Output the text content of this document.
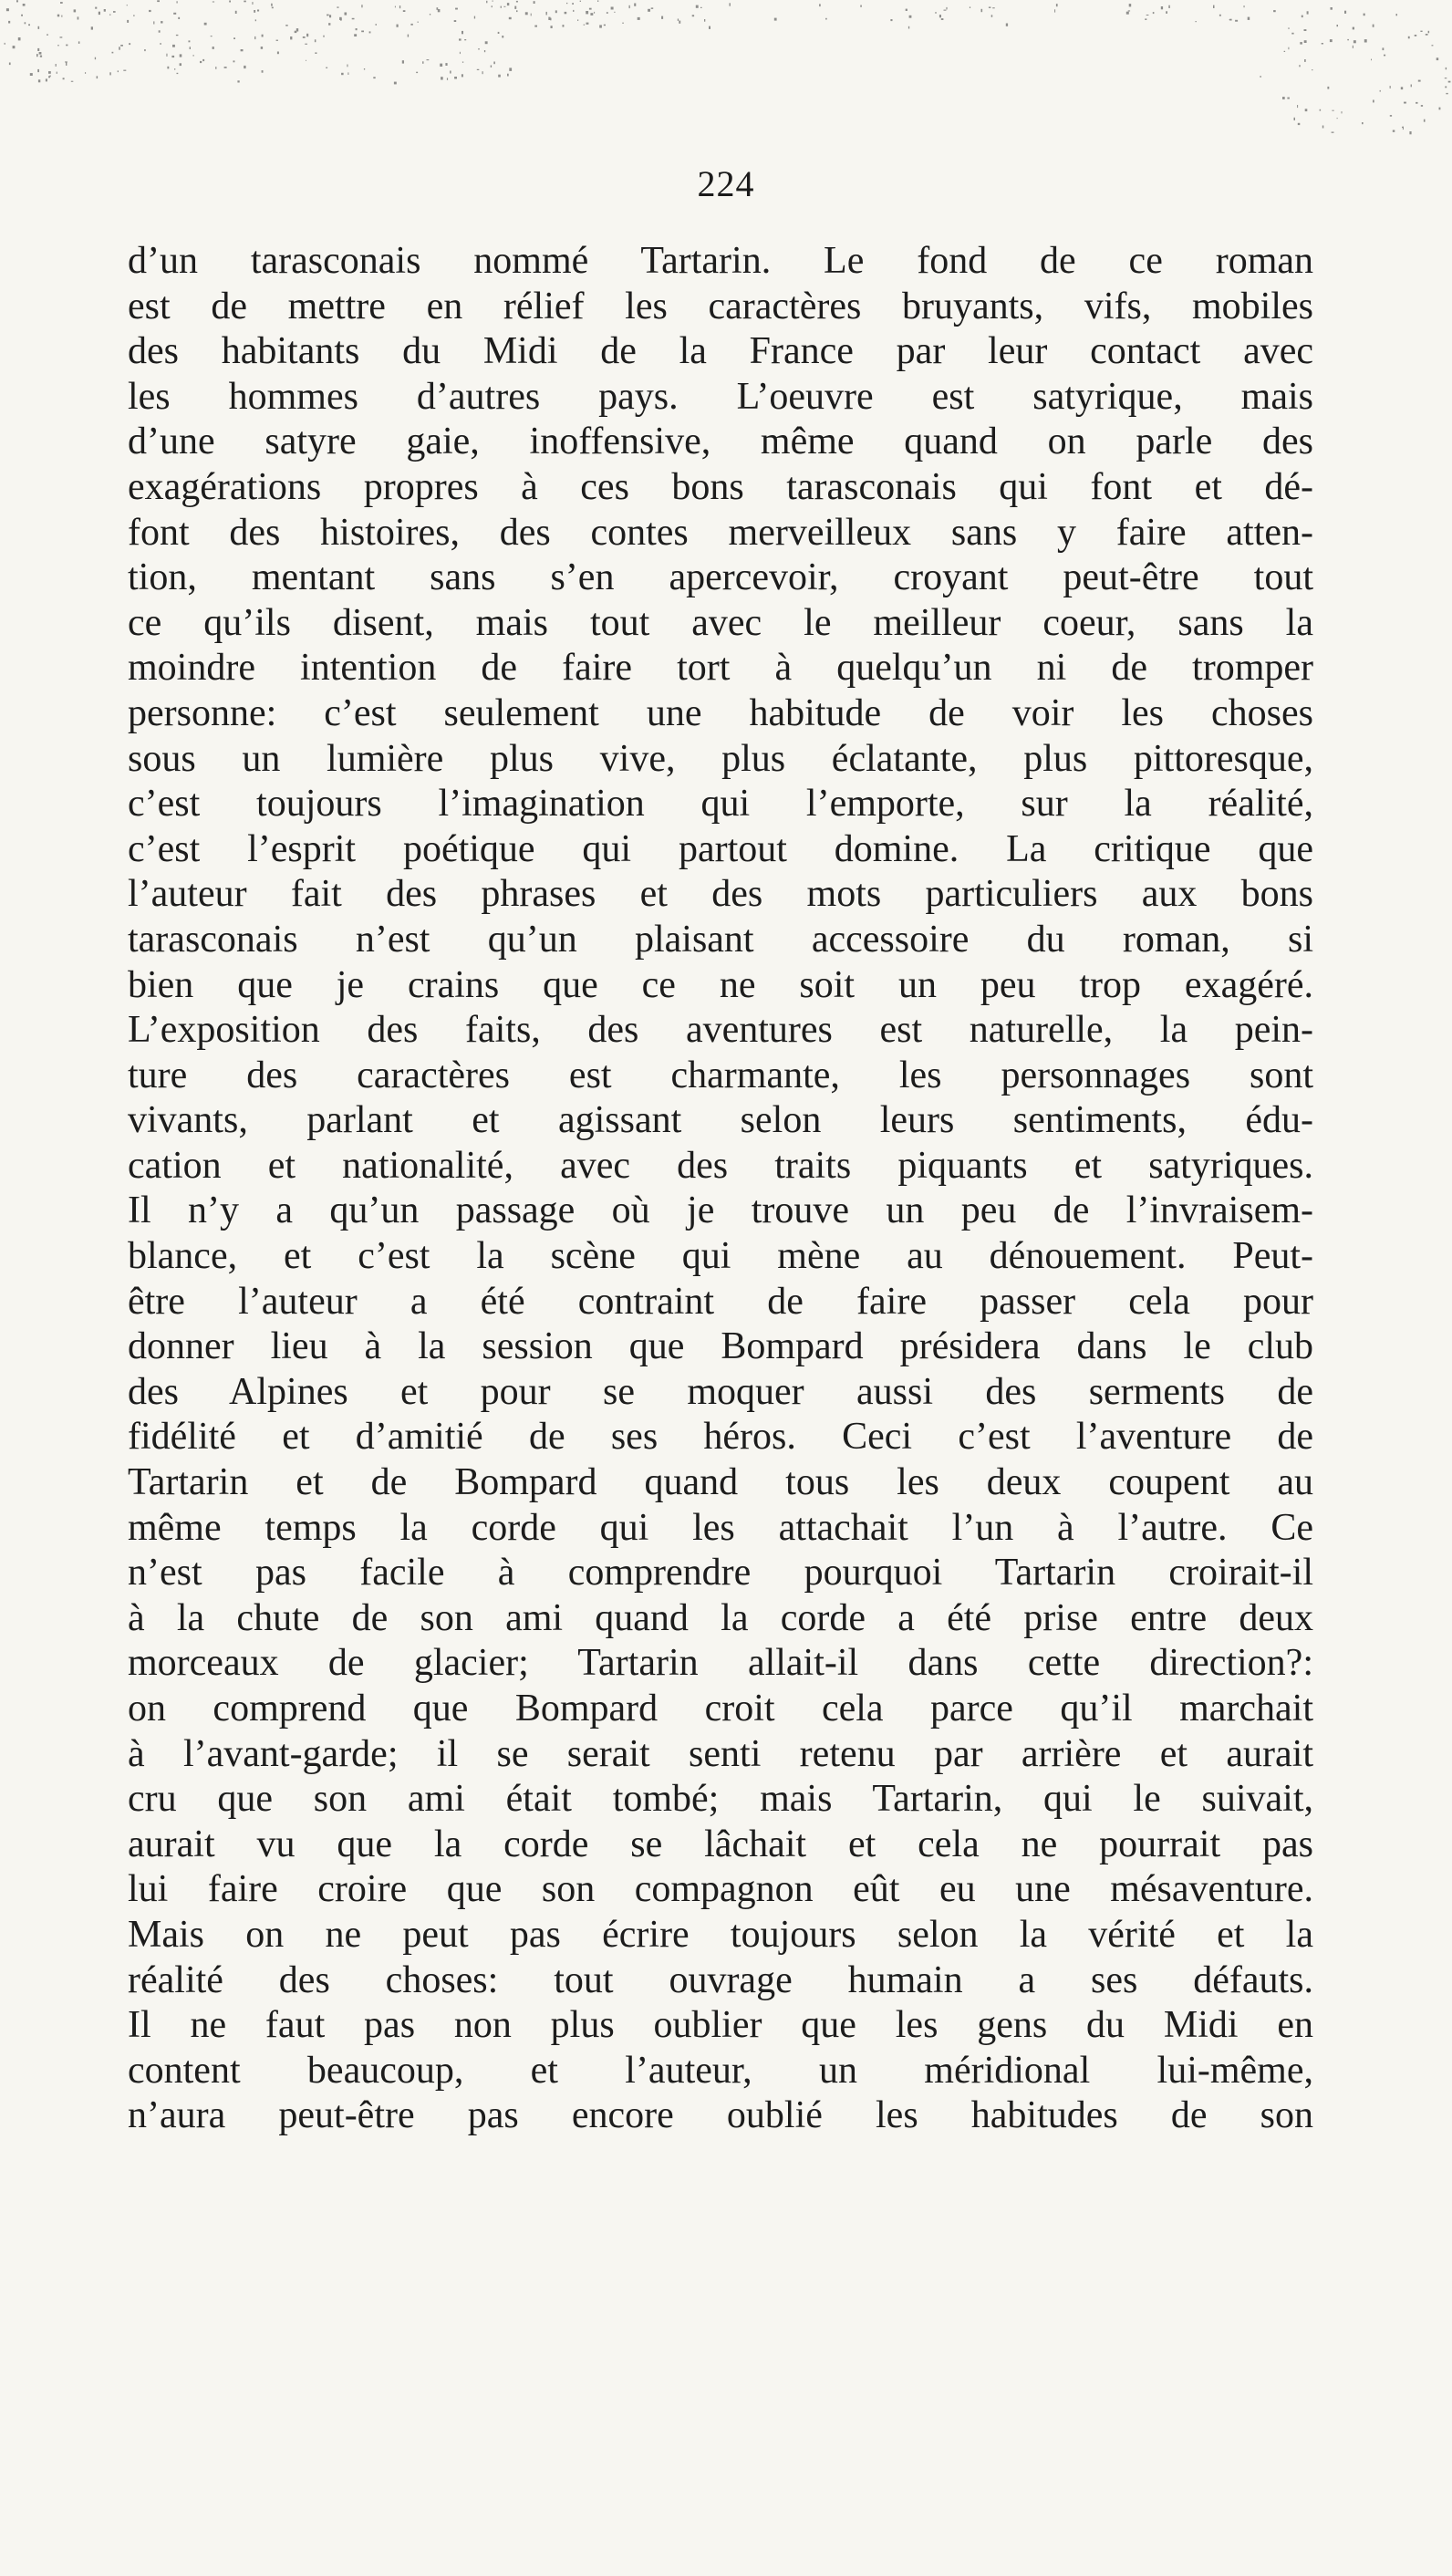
224
d’un tarasconais nommé Tartarin. Le fond de ce roman
est de mettre en rélief les caractères bruyants, vifs, mobiles
des habitants du Midi de la France par leur contact avec
les hommes d’autres pays. L’oeuvre est satyrique, mais
d’une satyre gaie, inoffensive, même quand on parle des
exagérations propres à ces bons tarasconais qui font et dé-
font des histoires, des contes merveilleux sans y faire atten-
tion, mentant sans s’en apercevoir, croyant peut-être tout
ce qu’ils disent, mais tout avec le meilleur coeur, sans la
moindre intention de faire tort à quelqu’un ni de tromper
personne: c’est seulement une habitude de voir les choses
sous un lumière plus vive, plus éclatante, plus pittoresque,
c’est toujours l’imagination qui l’emporte, sur la réalité,
c’est l’esprit poétique qui partout domine. La critique que
l’auteur fait des phrases et des mots particuliers aux bons
tarasconais n’est qu’un plaisant accessoire du roman, si
bien que je crains que ce ne soit un peu trop exagéré.
L’exposition des faits, des aventures est naturelle, la pein-
ture des caractères est charmante, les personnages sont
vivants, parlant et agissant selon leurs sentiments, édu-
cation et nationalité, avec des traits piquants et satyriques.
Il n’y a qu’un passage où je trouve un peu de l’invraisem-
blance, et c’est la scène qui mène au dénouement. Peut-
être l’auteur a été contraint de faire passer cela pour
donner lieu à la session que Bompard présidera dans le club
des Alpines et pour se moquer aussi des serments de
fidélité et d’amitié de ses héros. Ceci c’est l’aventure de
Tartarin et de Bompard quand tous les deux coupent au
même temps la corde qui les attachait l’un à l’autre. Ce
n’est pas facile à comprendre pourquoi Tartarin croirait-il
à la chute de son ami quand la corde a été prise entre deux
morceaux de glacier; Tartarin allait-il dans cette direction?:
on comprend que Bompard croit cela parce qu’il marchait
à l’avant-garde; il se serait senti retenu par arrière et aurait
cru que son ami était tombé; mais Tartarin, qui le suivait,
aurait vu que la corde se lâchait et cela ne pourrait pas
lui faire croire que son compagnon eût eu une mésaventure.
Mais on ne peut pas écrire toujours selon la vérité et la
réalité des choses: tout ouvrage humain a ses défauts.
Il ne faut pas non plus oublier que les gens du Midi en
content beaucoup, et l’auteur, un méridional lui-même,
n’aura peut-être pas encore oublié les habitudes de son
